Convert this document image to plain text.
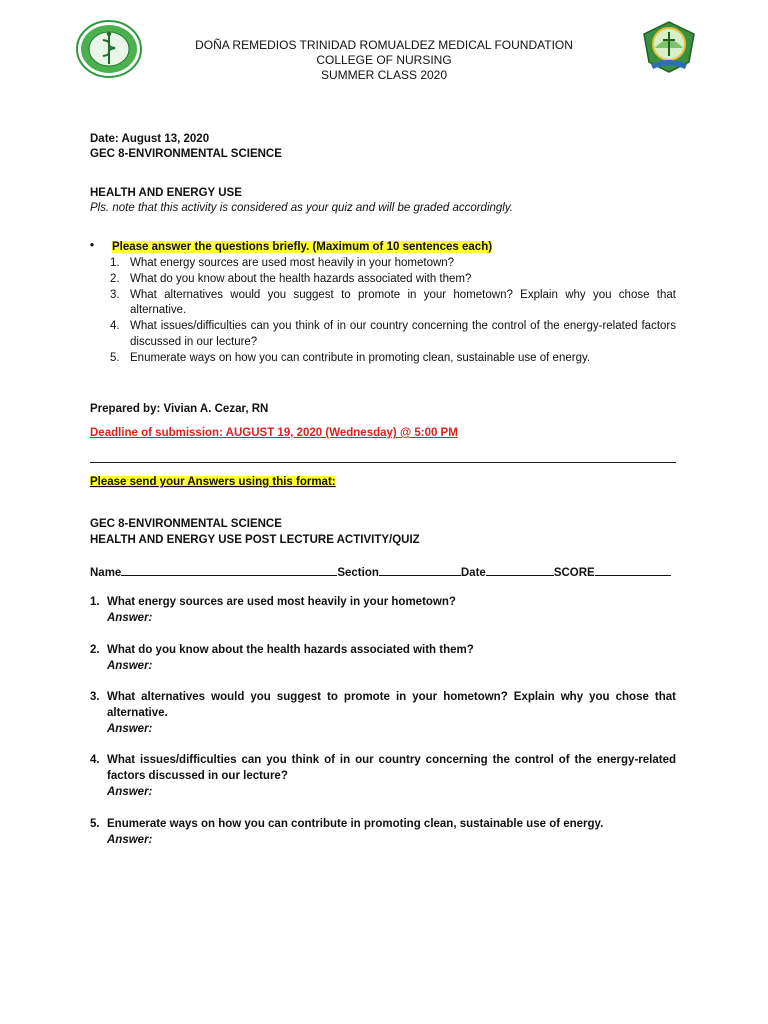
DOÑA REMEDIOS TRINIDAD ROMUALDEZ MEDICAL FOUNDATION
COLLEGE OF NURSING
SUMMER CLASS 2020
Date: August 13, 2020
GEC 8-ENVIRONMENTAL SCIENCE
HEALTH AND ENERGY USE
Pls. note that this activity is considered as your quiz and will be graded accordingly.
• Please answer the questions briefly. (Maximum of 10 sentences each)
1. What energy sources are used most heavily in your hometown?
2. What do you know about the health hazards associated with them?
3. What alternatives would you suggest to promote in your hometown? Explain why you chose that alternative.
4. What issues/difficulties can you think of in our country concerning the control of the energy-related factors discussed in our lecture?
5. Enumerate ways on how you can contribute in promoting clean, sustainable use of energy.
Prepared by: Vivian A. Cezar, RN
Deadline of submission: AUGUST 19, 2020 (Wednesday) @ 5:00 PM
Please send your Answers using this format:
GEC 8-ENVIRONMENTAL SCIENCE
HEALTH AND ENERGY USE POST LECTURE ACTIVITY/QUIZ
Name	Section	Date	SCORE
1. What energy sources are used most heavily in your hometown?
Answer:
2. What do you know about the health hazards associated with them?
Answer:
3. What alternatives would you suggest to promote in your hometown? Explain why you chose that alternative.
Answer:
4. What issues/difficulties can you think of in our country concerning the control of the energy-related factors discussed in our lecture?
Answer:
5. Enumerate ways on how you can contribute in promoting clean, sustainable use of energy.
Answer:
